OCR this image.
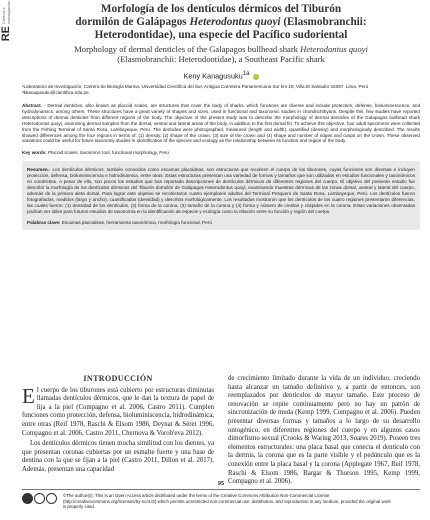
Ciencia e Investigación
RE
Morfología de los dentículos dérmicos del Tiburón
dormilón de Galápagos Heterodontus quoyi (Elasmobranchii:
Heterodontidae), una especie del Pacífico sudoriental
Morphology of dermal denticles of the Galapagos bullhead shark Heterodontus quoyi
(Elasmobranchii: Heterodontidae), a Southeast Pacific shark
Keny Kanagusuku$^{1a}$
¹Laboratorio de Investigación, Carrera de Biología Marina, Universidad Científica del Sur, Antigua Carretera Panamericana Sur km 19, Villa El Salvador 15067, Lima, Perú
ᵃkkanagusuku@cientifica.edu.pe
Abstract. - Dermal denticles, also known as placoid scales, are structures that cover the body of sharks, which functions are diverse and include protection, defense, bioluminescence, and hydrodynamics, among others. These structures have a great variety of shapes and sizes, used in functional and taxonomic studies in chondrichthyans. Despite this, few studies have reported descriptions of dermal denticles from different regions of the body. The objective of the present study was to describe the morphology of dermal denticles of the Galapagos bullhead shark Heterodontus quoyi, examining dermal samples from the dorsal, ventral and lateral areas of the body, in addition to the first dorsal fin. To achieve this objective, four adult specimens were collected from the Fishing Terminal of Santa Rosa, Lambayeque, Peru. The denticles were photographed, measured (length and width), quantified (density) and morphologically described. The results showed differences among the four regions in terms of: (1) density, (2) shape of the crown, (3) size of the crown and (4) shape and number of ridges and cusps on the crown. These observed variations could be useful for future taxonomy studies in identification of the species and ecology as the relationship between its function and region of the body.
Key words: Placoid scales, taxonomic tool, functional morphology, Peru
Resumen.- Los dentículos dérmicos, también conocidos como escamas placoideas, son estructuras que recubren el cuerpo de los tiburones, cuyas funciones son diversas e incluyen protección, defensa, bioluminiscencia e hidrodinámica, entre otras. Estas estructuras presentan una variedad de formas y tamaños que son utilizadas en estudios funcionales y taxonómicos en condrictios. A pesar de ello, son pocos los estudios que han reportado descripciones de dentículos dérmicos de diferentes regiones del cuerpo. El objetivo del presente estudio fue describir la morfología de los dentículos dérmicos del Tiburón dormilón de Galápagos Heterodontus quoyi, examinando muestras dérmicas de las zonas dorsal, ventral y lateral del cuerpo, además de la primera aleta dorsal. Para lograr este objetivo se recolectaron cuatro ejemplares adultos del Terminal Pesquero de Santa Rosa, Lambayeque, Perú. Los dentículos fueron fotografiados, medidos (largo y ancho), cuantificados (densidad) y descritos morfológicamente. Los resultados mostraron que los dentículos de las cuatro regiones presentaron diferencias, las cuales fueron: (1) densidad de los dentículos, (2) forma de la corona, (3) tamaño de la corona y (4) forma y número de crestas y cúspides en la corona. Estas variaciones observadas podrían ser útiles para futuros estudios de taxonomía en la identificación de especie y ecología como la relación entre su función y región del cuerpo.
Palabras clave: Escamas placoideas, herramienta taxonómica, morfología funcional, Perú
INTRODUCCIÓN

El cuerpo de los tiburones está cubierto por estructuras diminutas llamadas dentículos dérmicos, que le dan la textura de papel de lija a la piel (Compagno et al. 2006, Castro 2011). Cumplen funciones como protección, defensa, bioluminiscencia, hidrodinámica, entre otras (Reif 1978, Raschi & Elsom 1986, Deynat & Séret 1996, Compagno et al. 2006, Castro 2011, Chernova & Vorob'eva 2012).

Los dentículos dérmicos tienen mucha similitud con los dientes, ya que presentan coronas cubiertas por un esmalte fuerte y una base de dentina con la que se fijan a la piel (Castro 2011, Dillon et al. 2017). Además, presentan una capacidad

de crecimiento limitado durante la vida de un individuo, creciendo hasta alcanzar un tamaño definitivo y, a partir de entonces, son reemplazados por dentículos de mayor tamaño. Este proceso de renovación se repite continuamente pero no hay un patrón de sincronización de muda (Kemp 1999, Compagno et al. 2006). Pueden presentar diversas formas y tamaños a lo largo de su desarrollo ontogénico, en diferentes regiones del cuerpo y en algunos casos dimorfismo sexual (Crooks & Waring 2013, Soares 2019). Poseen tres elementos estructurales: una placa basal que conecta el dentículo con la dermis, la corona que es la parte visible y el pedúnculo que es la conexión entre la placa basal y la corona (Applegate 1967, Reif 1978, Raschi & Elsom 1986, Bargar & Thorson 1995, Kemp 1999, Compagno et al. 2006).

95
©The author(s). This is an Open Access article distributed under the terms of the Creative Commons Attribution Non-Commercial License (http://creativecommons.org/licenses/by-nc/4.0/) which permits unrestricted non-commercial use, distribution, and reproduction in any medium, provided the original work is properly cited.
